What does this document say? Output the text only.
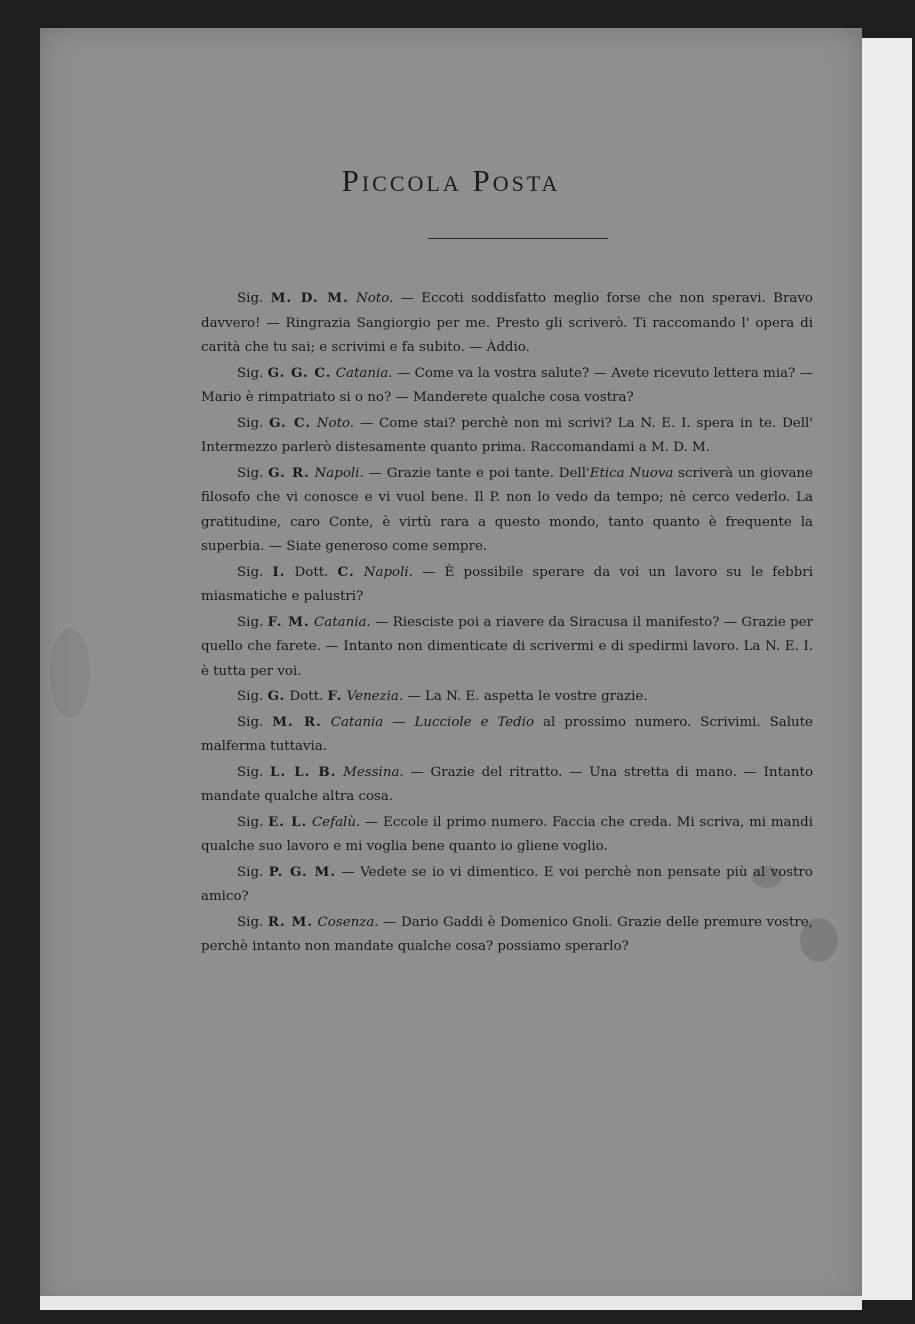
Piccola Posta

Sig. M. D. M. Noto. — Eccoti soddisfatto meglio forse che non speravi. Bravo davvero! — Ringrazia Sangiorgio per me. Presto gli scriverò. Ti raccomando l' opera di carità che tu sai; e scrivimi e fa subito. — Àddio.

Sig. G. G. C. Catania. — Come va la vostra salute? — Avete ricevuto lettera mia? — Mario è rimpatriato si o no? — Manderete qualche cosa vostra?

Sig. G. C. Noto. — Come stai? perchè non mi scrivi? La N. E. I. spera in te. Dell' Intermezzo parlerò distesamente quanto prima. Raccomandami a M. D. M.

Sig. G. R. Napoli. — Grazie tante e poi tante. Dell'Etica Nuova scriverà un giovane filosofo che vi conosce e vi vuol bene. Il P. non lo vedo da tempo; nè cerco vederlo. La gratitudine, caro Conte, è virtù rara a questo mondo, tanto quanto è frequente la superbia. — Siate generoso come sempre.

Sig. I. Dott. C. Napoli. — È possibile sperare da voi un lavoro su le febbri miasmatiche e palustri?

Sig. F. M. Catania. — Riesciste poi a riavere da Siracusa il manifesto? — Grazie per quello che farete. — Intanto non dimenticate di scrivermi e di spedirmi lavoro. La N. E. I. è tutta per voi.

Sig. G. Dott. F. Venezia. — La N. E. aspetta le vostre grazie.

Sig. M. R. Catania — Lucciole e Tedio al prossimo numero. Scrivimi. Salute malferma tuttavia.

Sig. L. L. B. Messina. — Grazie del ritratto. — Una stretta di mano. — Intanto mandate qualche altra cosa.

Sig. E. L. Cefalù. — Eccole il primo numero. Faccia che creda. Mi scriva, mi mandi qualche suo lavoro e mi voglia bene quanto io gliene voglio.

Sig. P. G. M. — Vedete se io vi dimentico. E voi perchè non pensate più al vostro amico?

Sig. R. M. Cosenza. — Dario Gaddi è Domenico Gnoli. Grazie delle premure vostre, perchè intanto non mandate qualche cosa? possiamo sperarlo?
